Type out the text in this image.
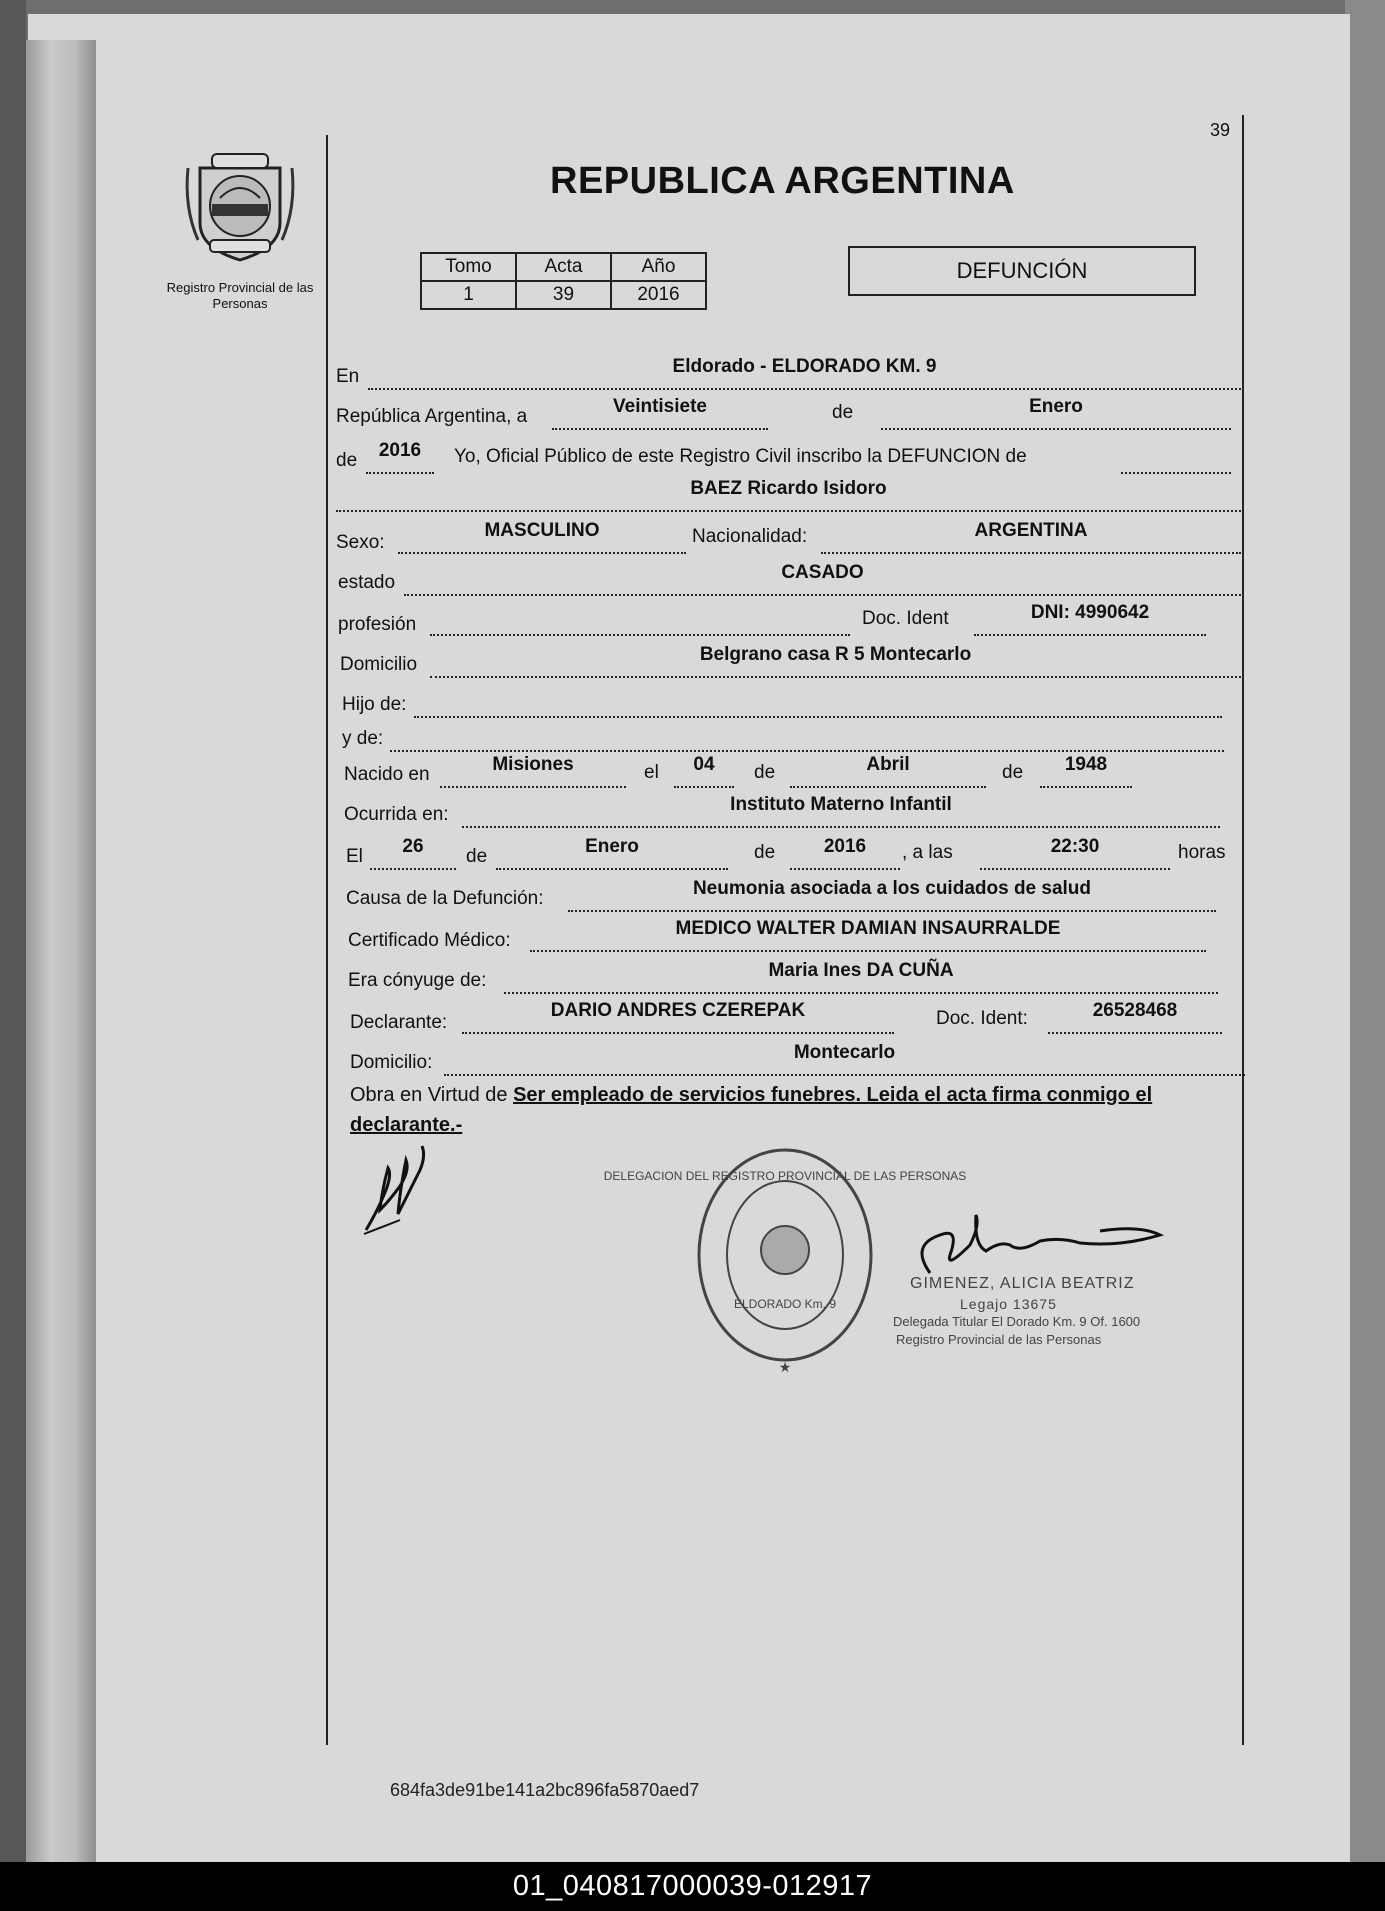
39
Registro Provincial de las Personas
REPUBLICA ARGENTINA
Tomo	Acta	Año
1	39	2016
DEFUNCIÓN
En	Eldorado - ELDORADO KM. 9
República Argentina, a	Veintisiete	de	Enero
de	2016	Yo, Oficial Público de este Registro Civil inscribo la DEFUNCION de
BAEZ Ricardo Isidoro
Sexo:
MASCULINO	Nacionalidad:	ARGENTINA
estado	CASADO
profesión	Doc. Ident	DNI: 4990642
Domicilio	Belgrano casa R 5 Montecarlo
Hijo de:
y de:
Nacido en	Misiones	el	04	de	Abril	de	1948
Ocurrida en:	Instituto Materno Infantil
El	26	de	Enero	de	2016	, a las	22:30	horas
Causa de la Defunción:	Neumonia asociada a los cuidados de salud
Certificado Médico:
MEDICO WALTER DAMIAN INSAURRALDE
Era cónyuge de:	Maria Ines DA CUÑA
Declarante:
DARIO ANDRES CZEREPAK	Doc. Ident:	26528468
Domicilio:	Montecarlo
Obra en Virtud de Ser empleado de servicios funebres. Leida el acta firma conmigo el declarante.-
DELEGACION DEL REGISTRO PROVINCIAL DE LAS PERSONAS
ELDORADO Km. 9
★
GIMENEZ, ALICIA BEATRIZ
Legajo 13675
Delegada Titular El Dorado Km. 9 Of. 1600
Registro Provincial de las Personas
684fa3de91be141a2bc896fa5870aed7
01_040817000039-012917
